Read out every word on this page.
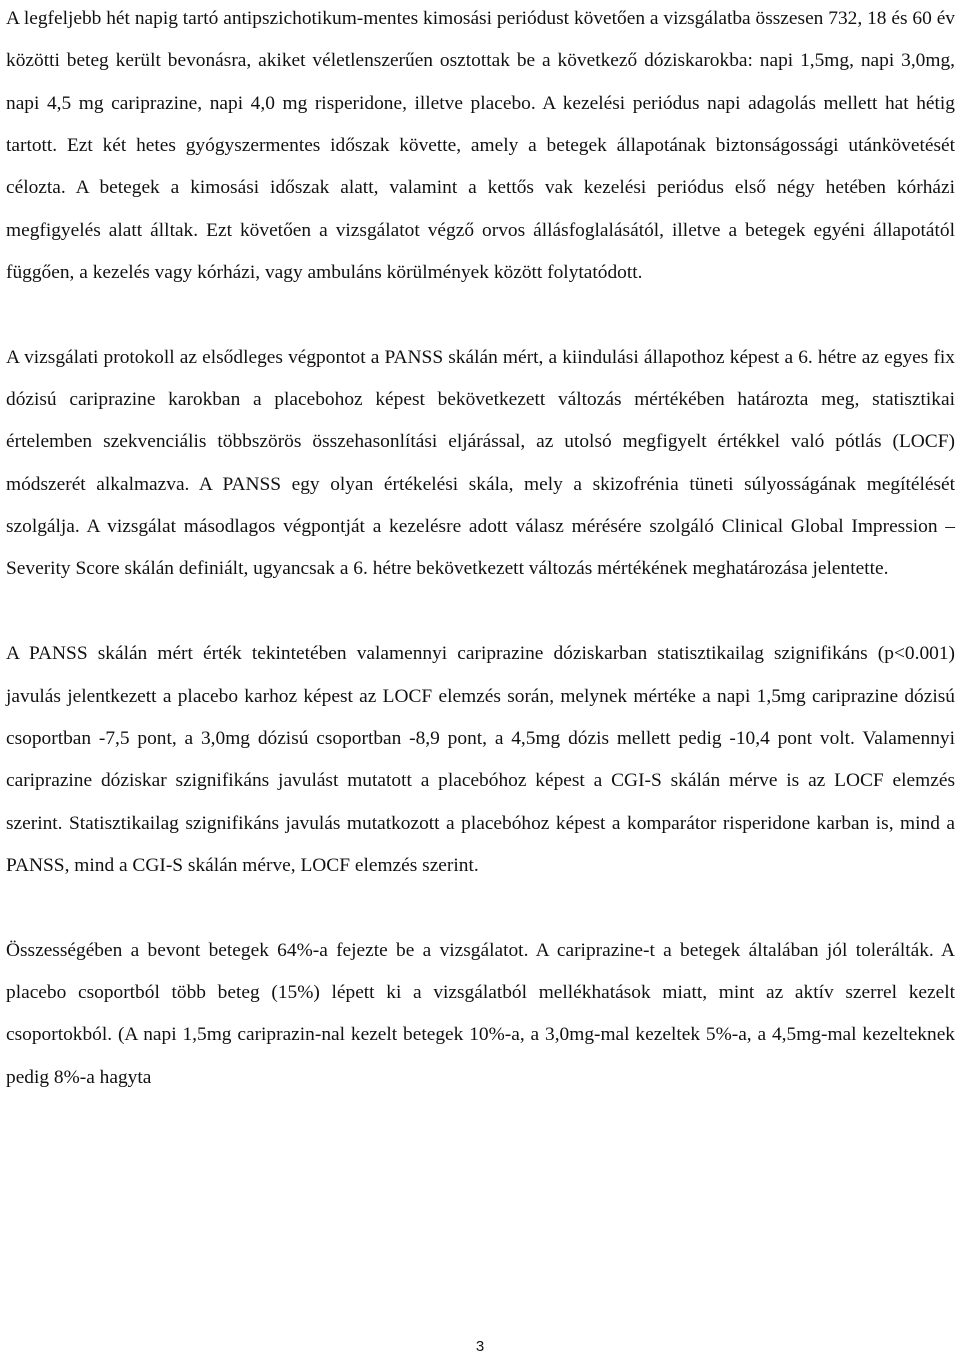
A legfeljebb hét napig tartó antipszichotikum-mentes kimosási periódust követően a vizsgálatba összesen 732, 18 és 60 év közötti beteg került bevonásra, akiket véletlenszerűen osztottak be a következő dóziskarokba: napi 1,5mg, napi 3,0mg, napi 4,5 mg cariprazine, napi 4,0 mg risperidone, illetve placebo. A kezelési periódus napi adagolás mellett hat hétig tartott. Ezt két hetes gyógyszermentes időszak követte, amely a betegek állapotának biztonságossági utánkövetését célozta. A betegek a kimosási időszak alatt, valamint a kettős vak kezelési periódus első négy hetében kórházi megfigyelés alatt álltak. Ezt követően a vizsgálatot végző orvos állásfoglalásától, illetve a betegek egyéni állapotától függően, a kezelés vagy kórházi, vagy ambuláns körülmények között folytatódott.

A vizsgálati protokoll az elsődleges végpontot a PANSS skálán mért, a kiindulási állapothoz képest a 6. hétre az egyes fix dózisú cariprazine karokban a placebohoz képest bekövetkezett változás mértékében határozta meg, statisztikai értelemben szekvenciális többszörös összehasonlítási eljárással, az utolsó megfigyelt értékkel való pótlás (LOCF) módszerét alkalmazva. A PANSS egy olyan értékelési skála, mely a skizofrénia tüneti súlyosságának megítélését szolgálja. A vizsgálat másodlagos végpontját a kezelésre adott válasz mérésére szolgáló Clinical Global Impression – Severity Score skálán definiált, ugyancsak a 6. hétre bekövetkezett változás mértékének meghatározása jelentette.

A PANSS skálán mért érték tekintetében valamennyi cariprazine dóziskarban statisztikailag szignifikáns (p<0.001) javulás jelentkezett a placebo karhoz képest az LOCF elemzés során, melynek mértéke a napi 1,5mg cariprazine dózisú csoportban -7,5 pont, a 3,0mg dózisú csoportban -8,9 pont, a 4,5mg dózis mellett pedig -10,4 pont volt. Valamennyi cariprazine dóziskar szignifikáns javulást mutatott a placebóhoz képest a CGI-S skálán mérve is az LOCF elemzés szerint. Statisztikailag szignifikáns javulás mutatkozott a placebóhoz képest a komparátor risperidone karban is, mind a PANSS, mind a CGI-S skálán mérve, LOCF elemzés szerint.

Összességében a bevont betegek 64%-a fejezte be a vizsgálatot. A cariprazine-t a betegek általában jól tolerálták. A placebo csoportból több beteg (15%) lépett ki a vizsgálatból mellékhatások miatt, mint az aktív szerrel kezelt csoportokból. (A napi 1,5mg cariprazin-nal kezelt betegek 10%-a, a 3,0mg-mal kezeltek 5%-a, a 4,5mg-mal kezelteknek pedig 8%-a hagyta

3
